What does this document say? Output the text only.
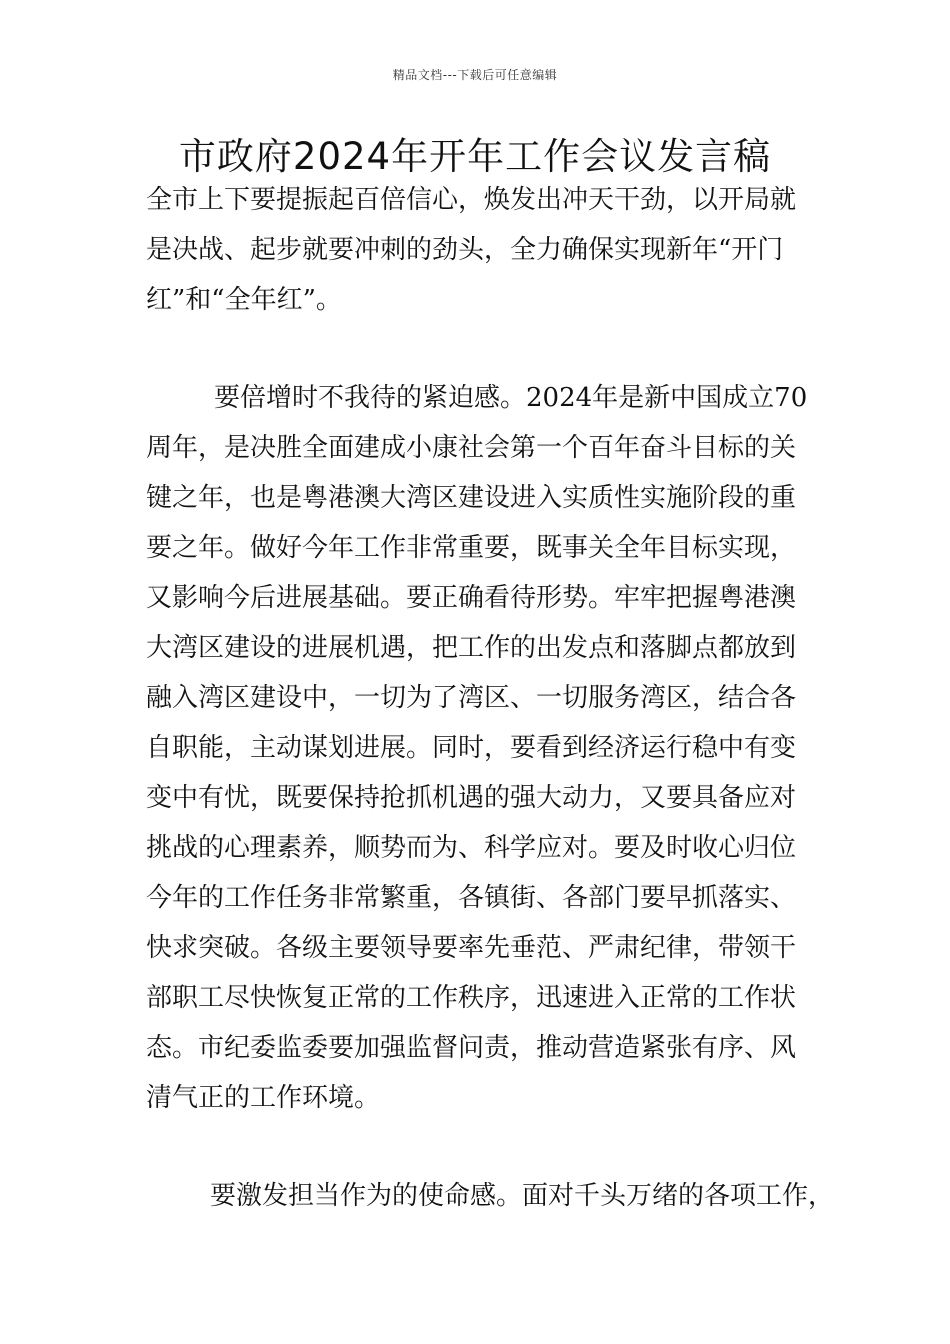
精品文档---下载后可任意编辑
市政府2024年开年工作会议发言稿
全市上下要提振起百倍信心，焕发出冲天干劲，以开局就
是决战、起步就要冲刺的劲头，全力确保实现新年“开门
红”和“全年红”。
要倍增时不我待的紧迫感。2024年是新中国成立70
周年，是决胜全面建成小康社会第一个百年奋斗目标的关
键之年，也是粤港澳大湾区建设进入实质性实施阶段的重
要之年。做好今年工作非常重要，既事关全年目标实现，
又影响今后进展基础。要正确看待形势。牢牢把握粤港澳
大湾区建设的进展机遇，把工作的出发点和落脚点都放到
融入湾区建设中，一切为了湾区、一切服务湾区，结合各
自职能，主动谋划进展。同时，要看到经济运行稳中有变
变中有忧，既要保持抢抓机遇的强大动力，又要具备应对
挑战的心理素养，顺势而为、科学应对。要及时收心归位
今年的工作任务非常繁重，各镇街、各部门要早抓落实、
快求突破。各级主要领导要率先垂范、严肃纪律，带领干
部职工尽快恢复正常的工作秩序，迅速进入正常的工作状
态。市纪委监委要加强监督问责，推动营造紧张有序、风
清气正的工作环境。
要激发担当作为的使命感。面对千头万绪的各项工作，
